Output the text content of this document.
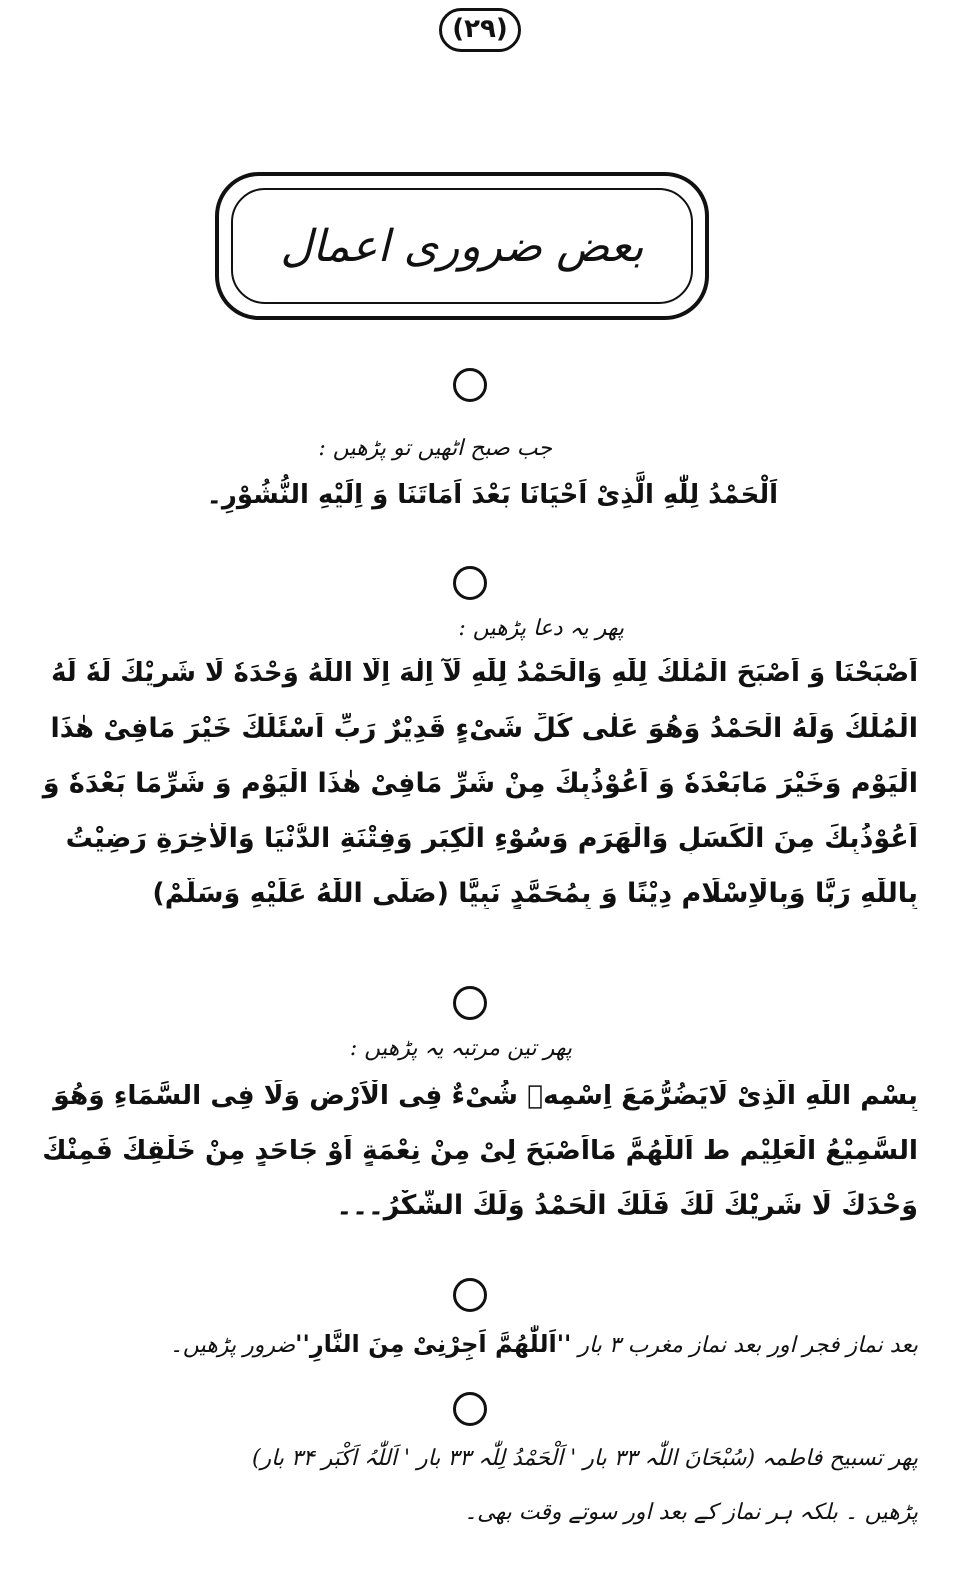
(٢٩)
بعض ضروری اعمال
جب صبح اٹھیں تو پڑھیں :
اَلْحَمْدُ لِلّٰهِ الَّذِیْ اَحْیَانَا بَعْدَ اَمَاتَنَا وَ اِلَیْهِ النُّشُوْرِ۔
پھر یہ دعا پڑھیں :
اَصْبَحْنَا وَ اَصْبَحَ الْمُلْكُ لِلّٰهِ وَالْحَمْدُ لِلّٰهِ لَآ اِلٰهَ اِلَّا اللّٰهُ وَحْدَهٗ لَا شَرِیْكَ لَهٗ لَهُ
الْمُلْكُ وَلَهُ الْحَمْدُ وَهُوَ عَلٰى كُلِّ شَیْءٍ قَدِیْرٌ رَبِّ اَسْئَلُكَ خَیْرَ مَافِیْ هٰذَا
الْیَوْمِ وَخَیْرَ مَابَعْدَهٗ وَ اَعُوْذُبِكَ مِنْ شَرِّ مَافِیْ هٰذَا الْیَوْمِ وَ شَرِّمَا بَعْدَهٗ وَ
اَعُوْذُبِكَ مِنَ الْكَسَلِ وَالْهَرَمِ وَسُوْءِ الْكِبَرِ وَفِتْنَةِ الدُّنْیَا وَالْاٰخِرَةِ رَضِیْتُ
بِاللّٰهِ رَبًّا وَبِالْاِسْلَامِ دِیْنًا وَ بِمُحَمَّدٍ نَبِیًّا (صَلَّی اللّٰهُ عَلَیْهِ وَسَلَّمْ)
پھر تین مرتبہ یہ پڑھیں :
بِسْمِ اللّٰهِ الَّذِیْ لَایَضُرُّمَعَ اِسْمِهٖ شُیْءٌ فِی الْاَرْضِ وَلَا فِی السَّمَاءِ وَهُوَ
السَّمِیْعُ الْعَلِیْمِ ط اَللّٰهُمَّ مَااَصْبَحَ لِیْ مِنْ نِعْمَةٍ اَوْ جَاحَدٍ مِنْ خَلْقِكَ فَمِنْكَ
وَحْدَكَ لَا شَرِیْكَ لَكَ فَلَكَ الْحَمْدُ وَلَكَ الشُّكْرُ۔۔۔
بعد نماز فجر اور بعد نماز مغرب ۳ بار ''اَللّٰهُمَّ اَجِرْنِیْ مِنَ النَّارِ''ضرور پڑھیں۔
پھر تسبیح فاطمہ (سُبْحَانَ اللّٰہ ۳۳ بار ' اَلْحَمْدُ لِلّٰہ ۳۳ بار ' اَللّٰہُ اَکْبَر ۳۴ بار)
پڑھیں ۔ بلکہ ہر نماز کے بعد اور سوتے وقت بھی۔
